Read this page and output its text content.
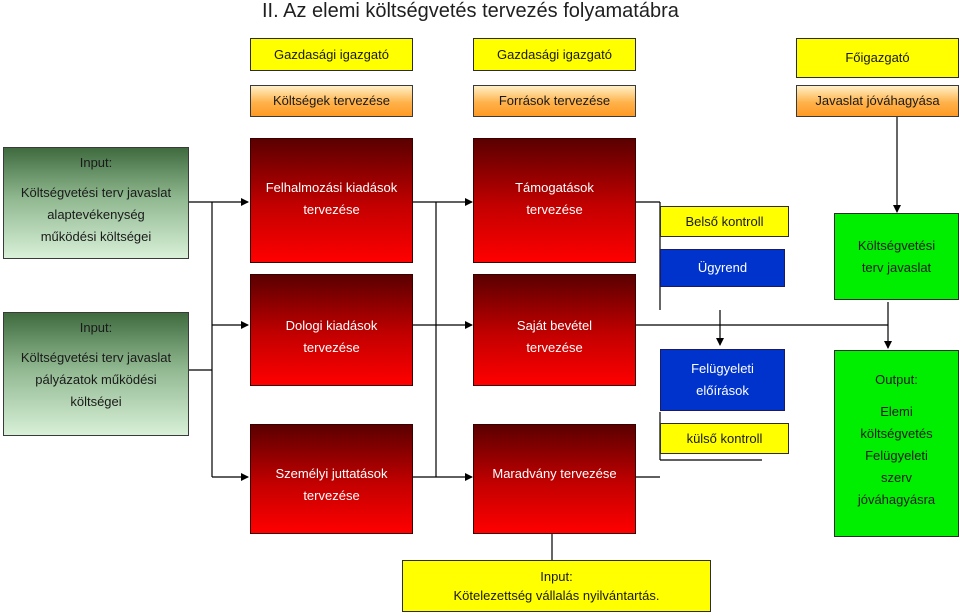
II. Az elemi költségvetés tervezés folyamatábra
Gazdasági igazgató	Gazdasági igazgató	Főigazgató
Költségek tervezése	Források tervezése	Javaslat jóváhagyása
Input:
Költségvetési terv javaslat
alaptevékenység
működési költségei
Input:
Költségvetési terv javaslat
pályázatok működési
költségei
Felhalmozási kiadások
tervezése
Dologi kiadások
tervezése
Személyi juttatások
tervezése
Támogatások
tervezése
Saját bevétel
tervezése
Maradvány tervezése
Belső kontroll
Ügyrend
Felügyeleti
előírások
külső kontroll
Költségvetési
terv javaslat
Output:
Elemi
költségvetés
Felügyeleti
szerv
jóváhagyásra
Input:
Kötelezettség vállalás nyilvántartás.
